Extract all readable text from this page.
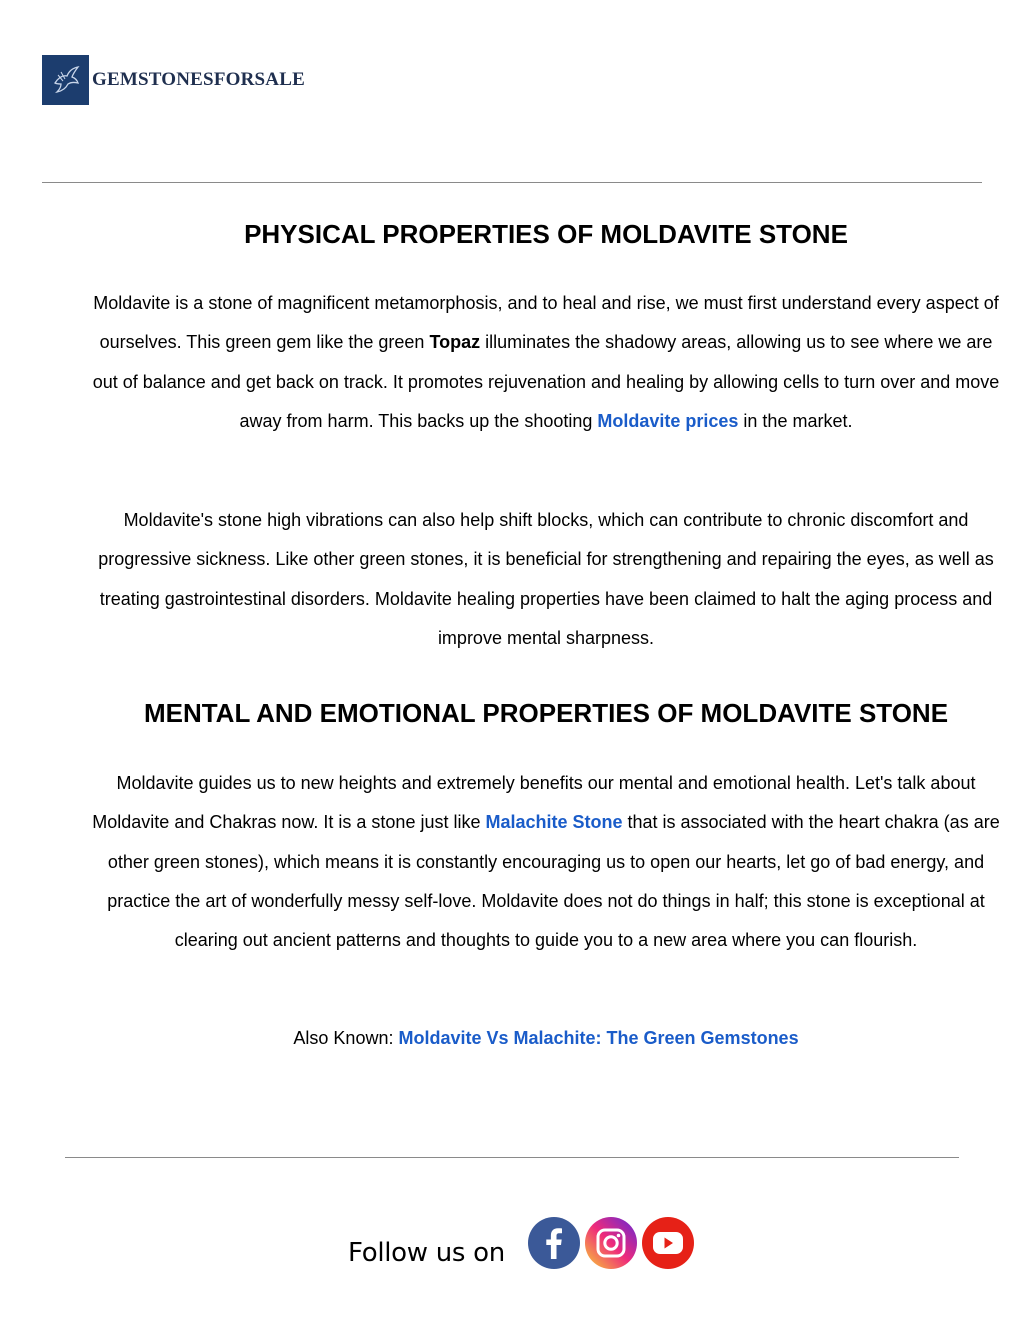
GEMSTONESFORSALE
PHYSICAL PROPERTIES OF MOLDAVITE STONE

Moldavite is a stone of magnificent metamorphosis, and to heal and rise, we must first understand every aspect of ourselves. This green gem like the green Topaz illuminates the shadowy areas, allowing us to see where we are out of balance and get back on track. It promotes rejuvenation and healing by allowing cells to turn over and move away from harm. This backs up the shooting Moldavite prices in the market.

Moldavite's stone high vibrations can also help shift blocks, which can contribute to chronic discomfort and progressive sickness. Like other green stones, it is beneficial for strengthening and repairing the eyes, as well as treating gastrointestinal disorders. Moldavite healing properties have been claimed to halt the aging process and improve mental sharpness.

MENTAL AND EMOTIONAL PROPERTIES OF MOLDAVITE STONE

Moldavite guides us to new heights and extremely benefits our mental and emotional health. Let's talk about Moldavite and Chakras now. It is a stone just like Malachite Stone that is associated with the heart chakra (as are other green stones), which means it is constantly encouraging us to open our hearts, let go of bad energy, and practice the art of wonderfully messy self-love. Moldavite does not do things in half; this stone is exceptional at clearing out ancient patterns and thoughts to guide you to a new area where you can flourish.

Also Known: Moldavite Vs Malachite: The Green Gemstones

Follow us on
